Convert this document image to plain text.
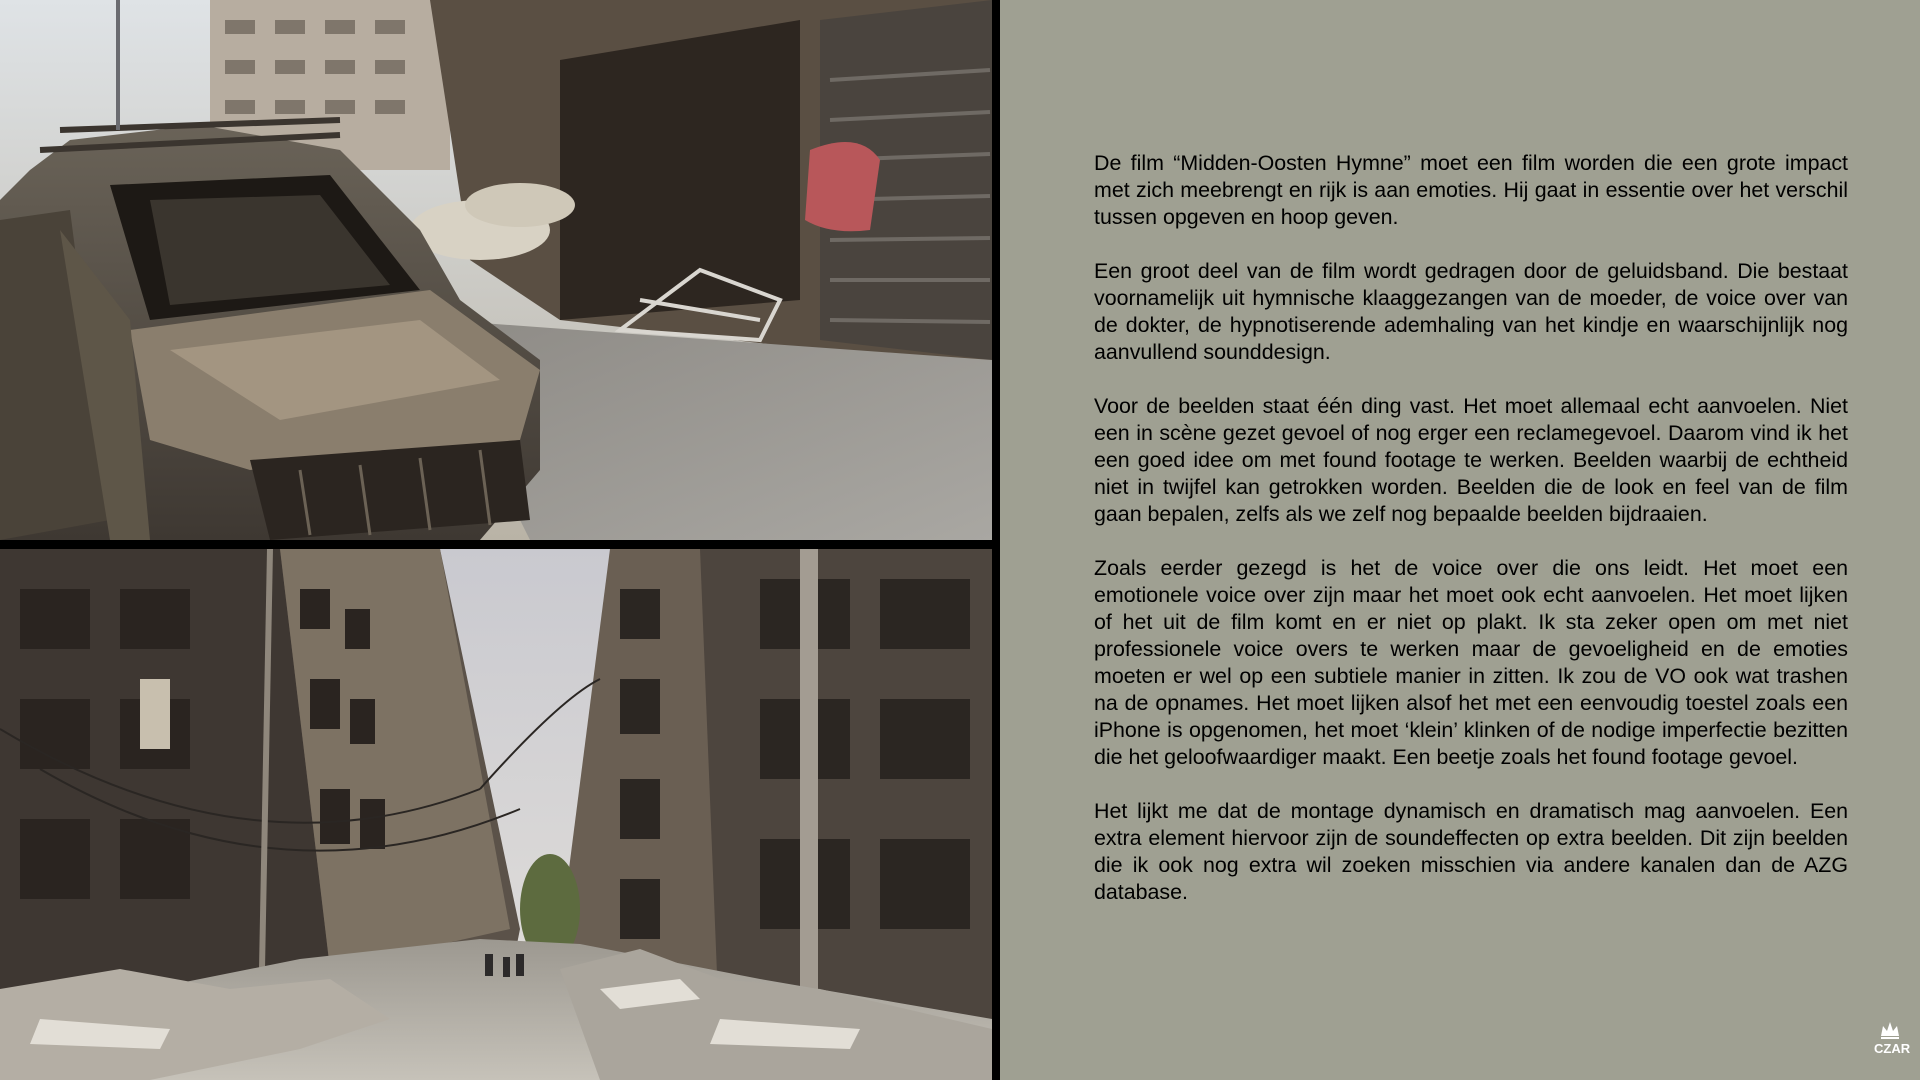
De film “Midden-Oosten Hymne” moet een film worden die een grote impact met zich meebrengt en rijk is aan emoties. Hij gaat in essentie over het verschil tussen opgeven en hoop geven.

Een groot deel van de film wordt gedragen door de geluidsband. Die bestaat voornamelijk uit hymnische klaaggezangen van de moeder, de voice over van de dokter, de hypnotiserende ademhaling van het kindje en waarschijnlijk nog aanvullend sounddesign.

Voor de beelden staat één ding vast. Het moet allemaal echt aanvoelen. Niet een in scène gezet gevoel of nog erger een reclamegevoel. Daarom vind ik het een goed idee om met found footage te werken. Beelden waarbij de echtheid niet in twijfel kan getrokken worden. Beelden die de look en feel van de film gaan bepalen, zelfs als we zelf nog bepaalde beelden bijdraaien.

Zoals eerder gezegd is het de voice over die ons leidt. Het moet een emotionele voice over zijn maar het moet ook echt aanvoelen. Het moet lijken of het uit de film komt en er niet op plakt. Ik sta zeker open om met niet professionele voice overs te werken maar de gevoeligheid en de emoties moeten er wel op een subtiele manier in zitten. Ik zou de VO ook wat trashen na de opnames. Het moet lijken alsof het met een eenvoudig toestel zoals een iPhone is opgenomen, het moet ‘klein’ klinken of de nodige imperfectie bezitten die het geloofwaardiger maakt. Een beetje zoals het found footage gevoel.

Het lijkt me dat de montage dynamisch en dramatisch mag aanvoelen. Een extra element hiervoor zijn de soundeffecten op extra beelden. Dit zijn beelden die ik ook nog extra wil zoeken misschien via andere kanalen dan de AZG database.

CZAR
